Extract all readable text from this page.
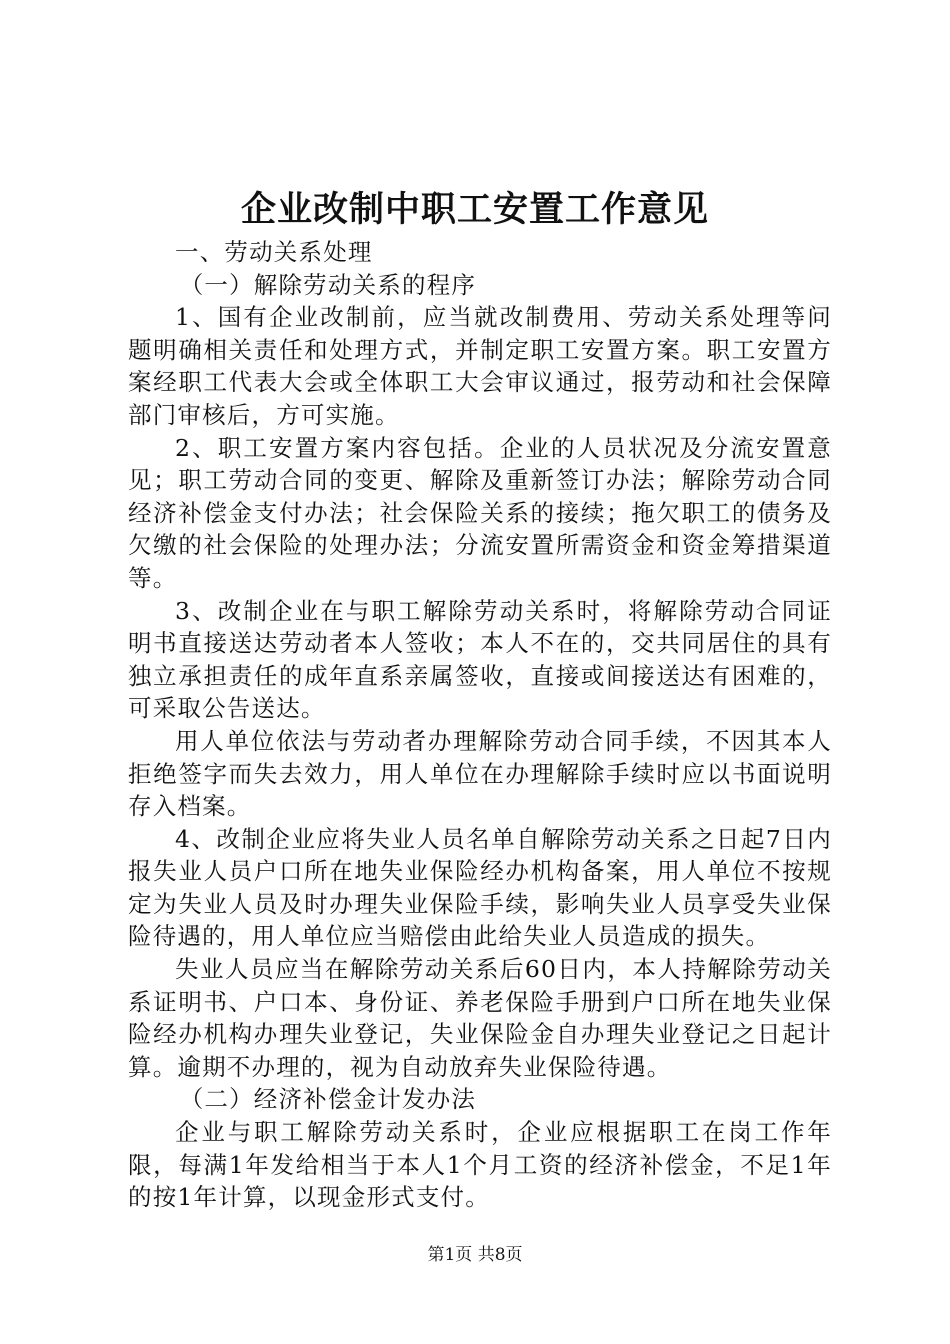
企业改制中职工安置工作意见

一、劳动关系处理

（一）解除劳动关系的程序

1、国有企业改制前，应当就改制费用、劳动关系处理等问题明确相关责任和处理方式，并制定职工安置方案。职工安置方案经职工代表大会或全体职工大会审议通过，报劳动和社会保障部门审核后，方可实施。

2、职工安置方案内容包括。企业的人员状况及分流安置意见；职工劳动合同的变更、解除及重新签订办法；解除劳动合同经济补偿金支付办法；社会保险关系的接续；拖欠职工的债务及欠缴的社会保险的处理办法；分流安置所需资金和资金筹措渠道等。

3、改制企业在与职工解除劳动关系时，将解除劳动合同证明书直接送达劳动者本人签收；本人不在的，交共同居住的具有独立承担责任的成年直系亲属签收，直接或间接送达有困难的，可采取公告送达。

用人单位依法与劳动者办理解除劳动合同手续，不因其本人拒绝签字而失去效力，用人单位在办理解除手续时应以书面说明存入档案。

4、改制企业应将失业人员名单自解除劳动关系之日起7日内报失业人员户口所在地失业保险经办机构备案，用人单位不按规定为失业人员及时办理失业保险手续，影响失业人员享受失业保险待遇的，用人单位应当赔偿由此给失业人员造成的损失。

失业人员应当在解除劳动关系后60日内，本人持解除劳动关系证明书、户口本、身份证、养老保险手册到户口所在地失业保险经办机构办理失业登记，失业保险金自办理失业登记之日起计算。逾期不办理的，视为自动放弃失业保险待遇。

（二）经济补偿金计发办法

企业与职工解除劳动关系时，企业应根据职工在岗工作年限，每满1年发给相当于本人1个月工资的经济补偿金，不足1年的按1年计算，以现金形式支付。

第1页 共8页
